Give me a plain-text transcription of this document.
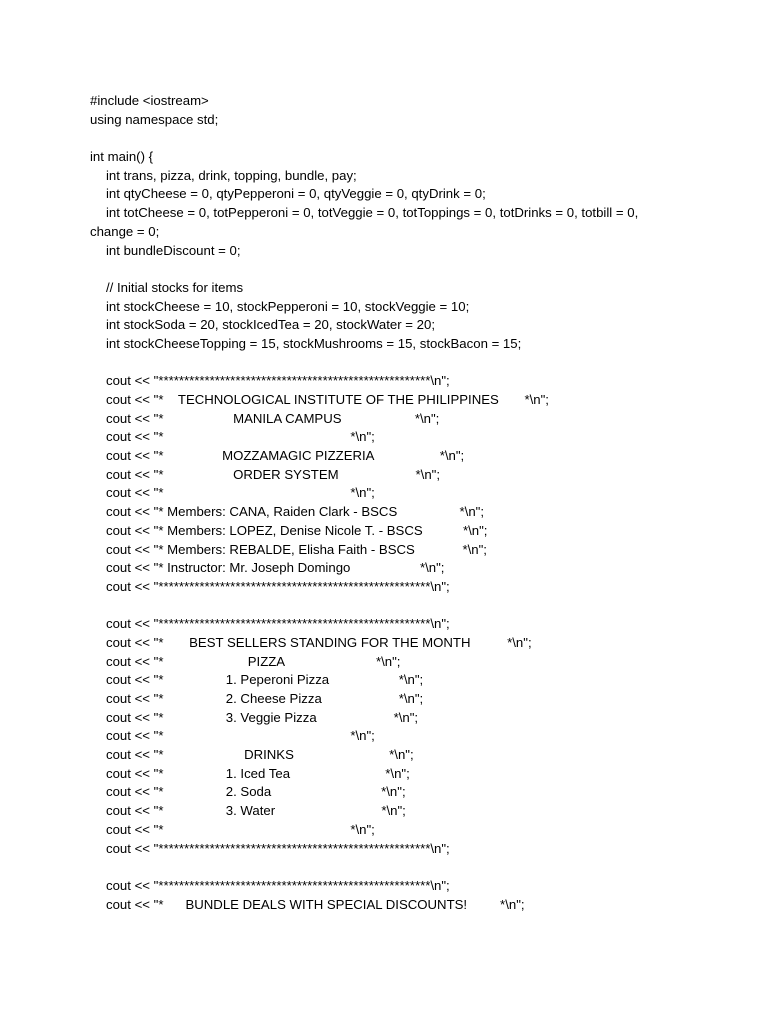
#include <iostream>
using namespace std;
int main() {
int trans, pizza, drink, topping, bundle, pay;
int qtyCheese = 0, qtyPepperoni = 0, qtyVeggie = 0, qtyDrink = 0;
int totCheese = 0, totPepperoni = 0, totVeggie = 0, totToppings = 0, totDrinks = 0, totbill = 0,
change = 0;
int bundleDiscount = 0;
// Initial stocks for items
int stockCheese = 10, stockPepperoni = 10, stockVeggie = 10;
int stockSoda = 20, stockIcedTea = 20, stockWater = 20;
int stockCheeseTopping = 15, stockMushrooms = 15, stockBacon = 15;
cout << "*****************************************************\n";
cout << "*    TECHNOLOGICAL INSTITUTE OF THE PHILIPPINES       *\n";
cout << "*                   MANILA CAMPUS                    *\n";
cout << "*                                                   *\n";
cout << "*                MOZZAMAGIC PIZZERIA                  *\n";
cout << "*                   ORDER SYSTEM                     *\n";
cout << "*                                                   *\n";
cout << "* Members: CANA, Raiden Clark - BSCS                 *\n";
cout << "* Members: LOPEZ, Denise Nicole T. - BSCS           *\n";
cout << "* Members: REBALDE, Elisha Faith - BSCS             *\n";
cout << "* Instructor: Mr. Joseph Domingo                   *\n";
cout << "*****************************************************\n";
cout << "*****************************************************\n";
cout << "*       BEST SELLERS STANDING FOR THE MONTH          *\n";
cout << "*                       PIZZA                         *\n";
cout << "*                 1. Peperoni Pizza                   *\n";
cout << "*                 2. Cheese Pizza                     *\n";
cout << "*                 3. Veggie Pizza                     *\n";
cout << "*                                                   *\n";
cout << "*                      DRINKS                          *\n";
cout << "*                 1. Iced Tea                          *\n";
cout << "*                 2. Soda                              *\n";
cout << "*                 3. Water                             *\n";
cout << "*                                                   *\n";
cout << "*****************************************************\n";
cout << "*****************************************************\n";
cout << "*      BUNDLE DEALS WITH SPECIAL DISCOUNTS!         *\n";
